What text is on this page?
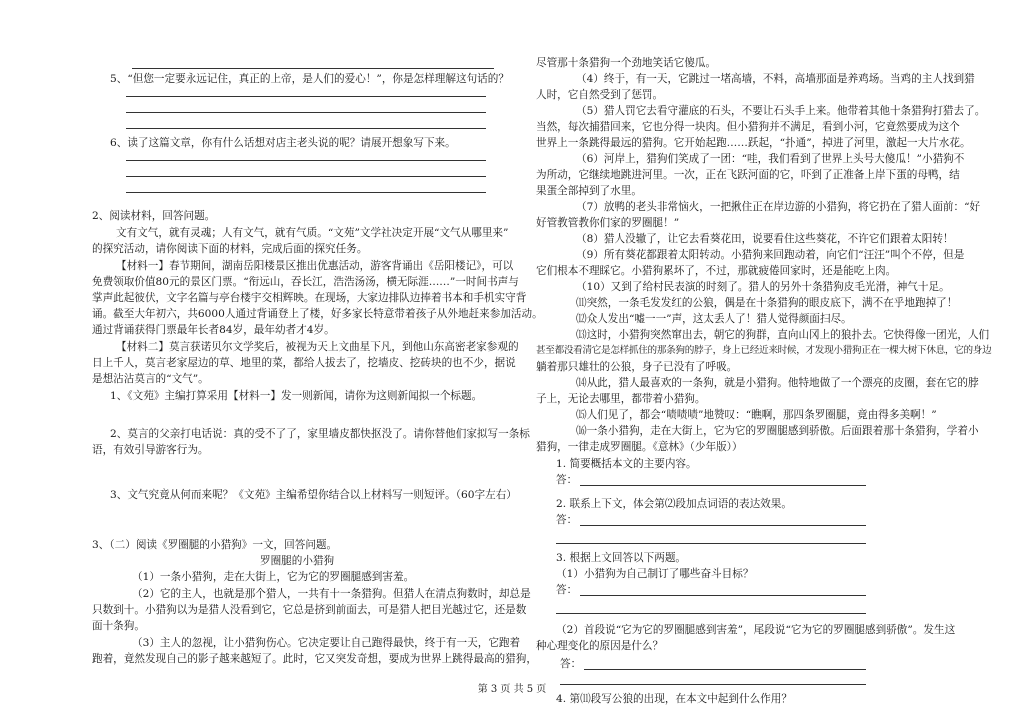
5、“但您一定要永远记住，真正的上帝，是人们的爱心！”，你是怎样理解这句话的？
6、读了这篇文章，你有什么话想对店主老头说的呢？请展开想象写下来。
2、阅读材料，回答问题。
文有文气，就有灵魂；人有文气，就有气质。“文苑”文学社决定开展“文气从哪里来”
的探究活动，请你阅读下面的材料，完成后面的探究任务。
【材料一】春节期间，湖南岳阳楼景区推出优惠活动，游客背诵出《岳阳楼记》，可以
免费领取价值80元的景区门票。“衔远山，吞长江，浩浩汤汤，横无际涯……”一时间书声与
掌声此起彼伏，文字名篇与亭台楼宇交相辉映。在现场，大家边排队边捧着书本和手机实守背
诵。截至大年初六，共6000人通过背诵登上了楼，好多家长特意带着孩子从外地赶来参加活动。
通过背诵获得门票最年长者84岁，最年幼者才4岁。
【材料二】莫言获诺贝尔文学奖后，被视为天上文曲星下凡，到他山东高密老家参观的
日上千人，莫言老家屋边的草、地里的菜，都给人拔去了，挖墙皮、挖砖块的也不少，据说
是想沾沾莫言的“文气”。
1、《文苑》主编打算采用【材料一】发一则新闻，请你为这则新闻拟一个标题。
2、莫言的父亲打电话说：真的受不了了，家里墙皮都快抠没了。请你替他们家拟写一条标
语，有效引导游客行为。
3、文气究竟从何而来呢？《文苑》主编希望你结合以上材料写一则短评。（60字左右）
3、（二）阅读《罗圈腿的小猎狗》一文，回答问题。
罗圈腿的小猎狗
（1）一条小猎狗，走在大街上，它为它的罗圈腿感到害羞。
（2）它的主人，也就是那个猎人，一共有十一条猎狗。但猎人在清点狗数时，却总是
只数到十。小猎狗以为是猎人没看到它，它总是挤到前面去，可是猎人把目光越过它，还是数
面十条狗。
（3）主人的忽视，让小猎狗伤心。它决定要让自己跑得最快，终于有一天，它跑着
跑着，竟然发现自己的影子越来越短了。此时，它又突发奇想，要成为世界上跳得最高的猎狗，
尽管那十条猎狗一个劲地笑话它傻瓜。
（4）终于，有一天，它跳过一堵高墙，不料，高墙那面是养鸡场。当鸡的主人找到猎
人时，它自然受到了惩罚。
（5）猎人罚它去看守灌底的石头，不要让石头手上来。他带着其他十条猎狗打猎去了。
当然，每次捕猎回来，它也分得一块肉。但小猎狗并不满足，看到小河，它竟然要成为这个
世界上一条跳得最远的猎狗。它开始起跑……跃起，“扑通”，掉进了河里，激起一大片水花。
（6）河岸上，猎狗们笑成了一团：“哇，我们看到了世界上头号大傻瓜！”小猎狗不
为所动，它继续地跳进河里。一次，正在飞跃河面的它，吓到了正准备上岸下蛋的母鸭，结
果蛋全部掉到了水里。
（7）放鸭的老头非常恼火，一把揪住正在岸边游的小猎狗，将它扔在了猎人面前：“好
好管教管教你们家的罗圈腿！”
（8）猎人没辙了，让它去看葵花田，说要看住这些葵花，不许它们跟着太阳转！
（9）所有葵花都跟着太阳转动。小猎狗来回跑动着，向它们“汪汪”叫个不停，但是
它们根本不理睬它。小猎狗累坏了，不过，那就疲倦回家时，还是能吃上肉。
（10）又到了给村民表演的时刻了。猎人的另外十条猎狗皮毛光滑，神气十足。
⑾突然，一条毛发发红的公狼，偶是在十条猎狗的眼皮底下，满不在乎地跑掉了！
⑿众人发出“嘘一一”声，这太丢人了！猎人觉得颜面扫尽。
⒀这时，小猎狗突然窜出去，朝它的狗群，直向山冈上的狼扑去。它快得像一团光，人们
甚至都没看清它是怎样抓住的那条狗的脖子，身上已经近来时候，才发现小猎狗正在一棵大树下休息，它的身边
躺着那只雄壮的公狼，身子已没有了呼吸。
⒁从此，猎人最喜欢的一条狗，就是小猎狗。他特地做了一个漂亮的皮圈，套在它的脖
子上，无论去哪里，都带着小猎狗。
⒂人们见了，都会“啧啧啧”地赞叹：“瞧啊，那四条罗圈腿，竟由得多美啊！”
⒃一条小猎狗，走在大街上，它为它的罗圈腿感到骄傲。后面跟着那十条猎狗，学着小
猎狗，一律走成罗圈腿。《意林》（少年版））
1. 简要概括本文的主要内容。
答：
2. 联系上下文，体会第⑵段加点词语的表达效果。
答：
3. 根据上文回答以下两题。
（1）小猎狗为自己制订了哪些奋斗目标？
答：
（2）首段说“它为它的罗圈腿感到害羞”，尾段说“它为它的罗圈腿感到骄傲”。发生这
种心理变化的原因是什么？
答：
4. 第⑾段写公狼的出现，在本文中起到什么作用？
第 3 页 共 5 页
